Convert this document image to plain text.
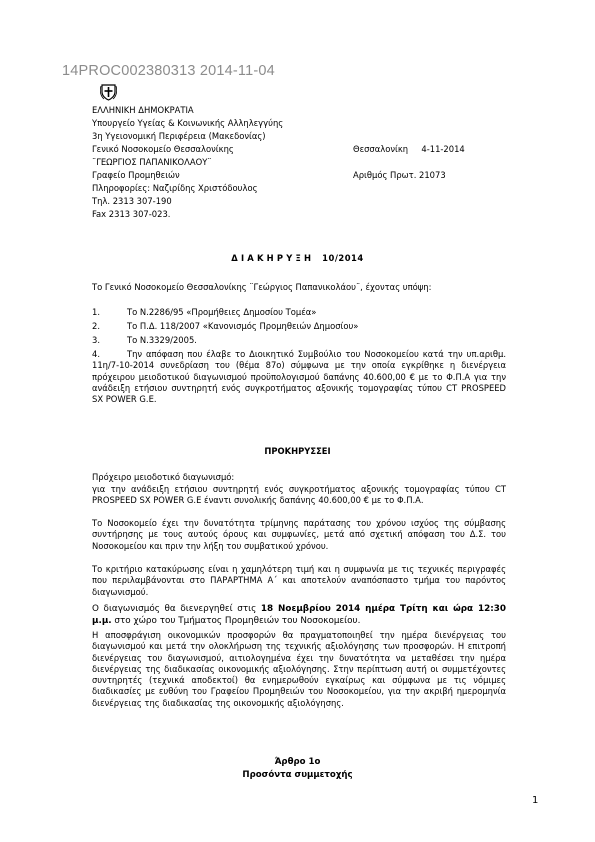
14PROC002380313 2014-11-04
ΕΛΛΗΝΙΚΗ ΔΗΜΟΚΡΑΤΙΑ
Υπουργείο Υγείας & Κοινωνικής Αλληλεγγύης
3η Υγειονομική Περιφέρεια (Μακεδονίας)
Γενικό Νοσοκομείο Θεσσαλονίκης
¨ΓΕΩΡΓΙΟΣ ΠΑΠΑΝΙΚΟΛΑΟΥ¨
Γραφείο Προμηθειών
Πληροφορίες: Ναζιρίδης Χριστόδουλος
Τηλ. 2313 307-190
Fax 2313 307-023.
Θεσσαλονίκη     4-11-2014
Αριθμός Πρωτ. 21073
ΔΙΑΚΗΡΥΞΗ 10/2014
Το Γενικό Νοσοκομείο Θεσσαλονίκης ¨Γεώργιος Παπανικολάου¨, έχοντας υπόψη:
1.	Το Ν.2286/95 «Προμήθειες Δημοσίου Τομέα»
2.	Το Π.Δ. 118/2007 «Κανονισμός Προμηθειών Δημοσίου»
3.	Το Ν.3329/2005.
4.	Την απόφαση που έλαβε το Διοικητικό Συμβούλιο του Νοσοκομείου κατά την υπ.αριθμ. 11η/7-10-2014 συνεδρίαση του (θέμα 87ο) σύμφωνα με την οποία εγκρίθηκε η διενέργεια πρόχειρου μειοδοτικού διαγωνισμού προϋπολογισμού δαπάνης 40.600,00 € με το Φ.Π.Α για την ανάδειξη ετήσιου συντηρητή ενός συγκροτήματος αξονικής τομογραφίας τύπου CT PROSPEED SX POWER G.E.
ΠΡΟΚΗΡΥΣΣΕΙ
Πρόχειρο μειοδοτικό διαγωνισμό:
για την ανάδειξη ετήσιου συντηρητή ενός συγκροτήματος αξονικής τομογραφίας τύπου CT PROSPEED SX POWER G.E έναντι συνολικής δαπάνης 40.600,00 € με το Φ.Π.Α.
Το Νοσοκομείο έχει την δυνατότητα τρίμηνης παράτασης του χρόνου ισχύος της σύμβασης συντήρησης με τους αυτούς όρους και συμφωνίες, μετά από σχετική απόφαση του Δ.Σ. του Νοσοκομείου και πριν την λήξη του συμβατικού χρόνου.
Το κριτήριο κατακύρωσης είναι η χαμηλότερη τιμή και η συμφωνία με τις τεχνικές περιγραφές που περιλαμβάνονται στο ΠΑΡΑΡΤΗΜΑ Α΄ και αποτελούν αναπόσπαστο τμήμα του παρόντος διαγωνισμού.
Ο διαγωνισμός θα διενεργηθεί στις 18 Νοεμβρίου 2014 ημέρα Τρίτη και ώρα 12:30 μ.μ. στο χώρο του Τμήματος Προμηθειών του Νοσοκομείου.
Η αποσφράγιση οικονομικών προσφορών θα πραγματοποιηθεί την ημέρα διενέργειας του διαγωνισμού και μετά την ολοκλήρωση της τεχνικής αξιολόγησης των προσφορών. Η επιτροπή διενέργειας του διαγωνισμού, αιτιολογημένα έχει την δυνατότητα να μεταθέσει την ημέρα διενέργειας της διαδικασίας οικονομικής αξιολόγησης. Στην περίπτωση αυτή οι συμμετέχοντες συντηρητές (τεχνικά αποδεκτοί) θα ενημερωθούν εγκαίρως και σύμφωνα με τις νόμιμες διαδικασίες με ευθύνη του Γραφείου Προμηθειών του Νοσοκομείου, για την ακριβή ημερομηνία διενέργειας της διαδικασίας της οικονομικής αξιολόγησης.
Άρθρο 1ο
Προσόντα συμμετοχής
1
